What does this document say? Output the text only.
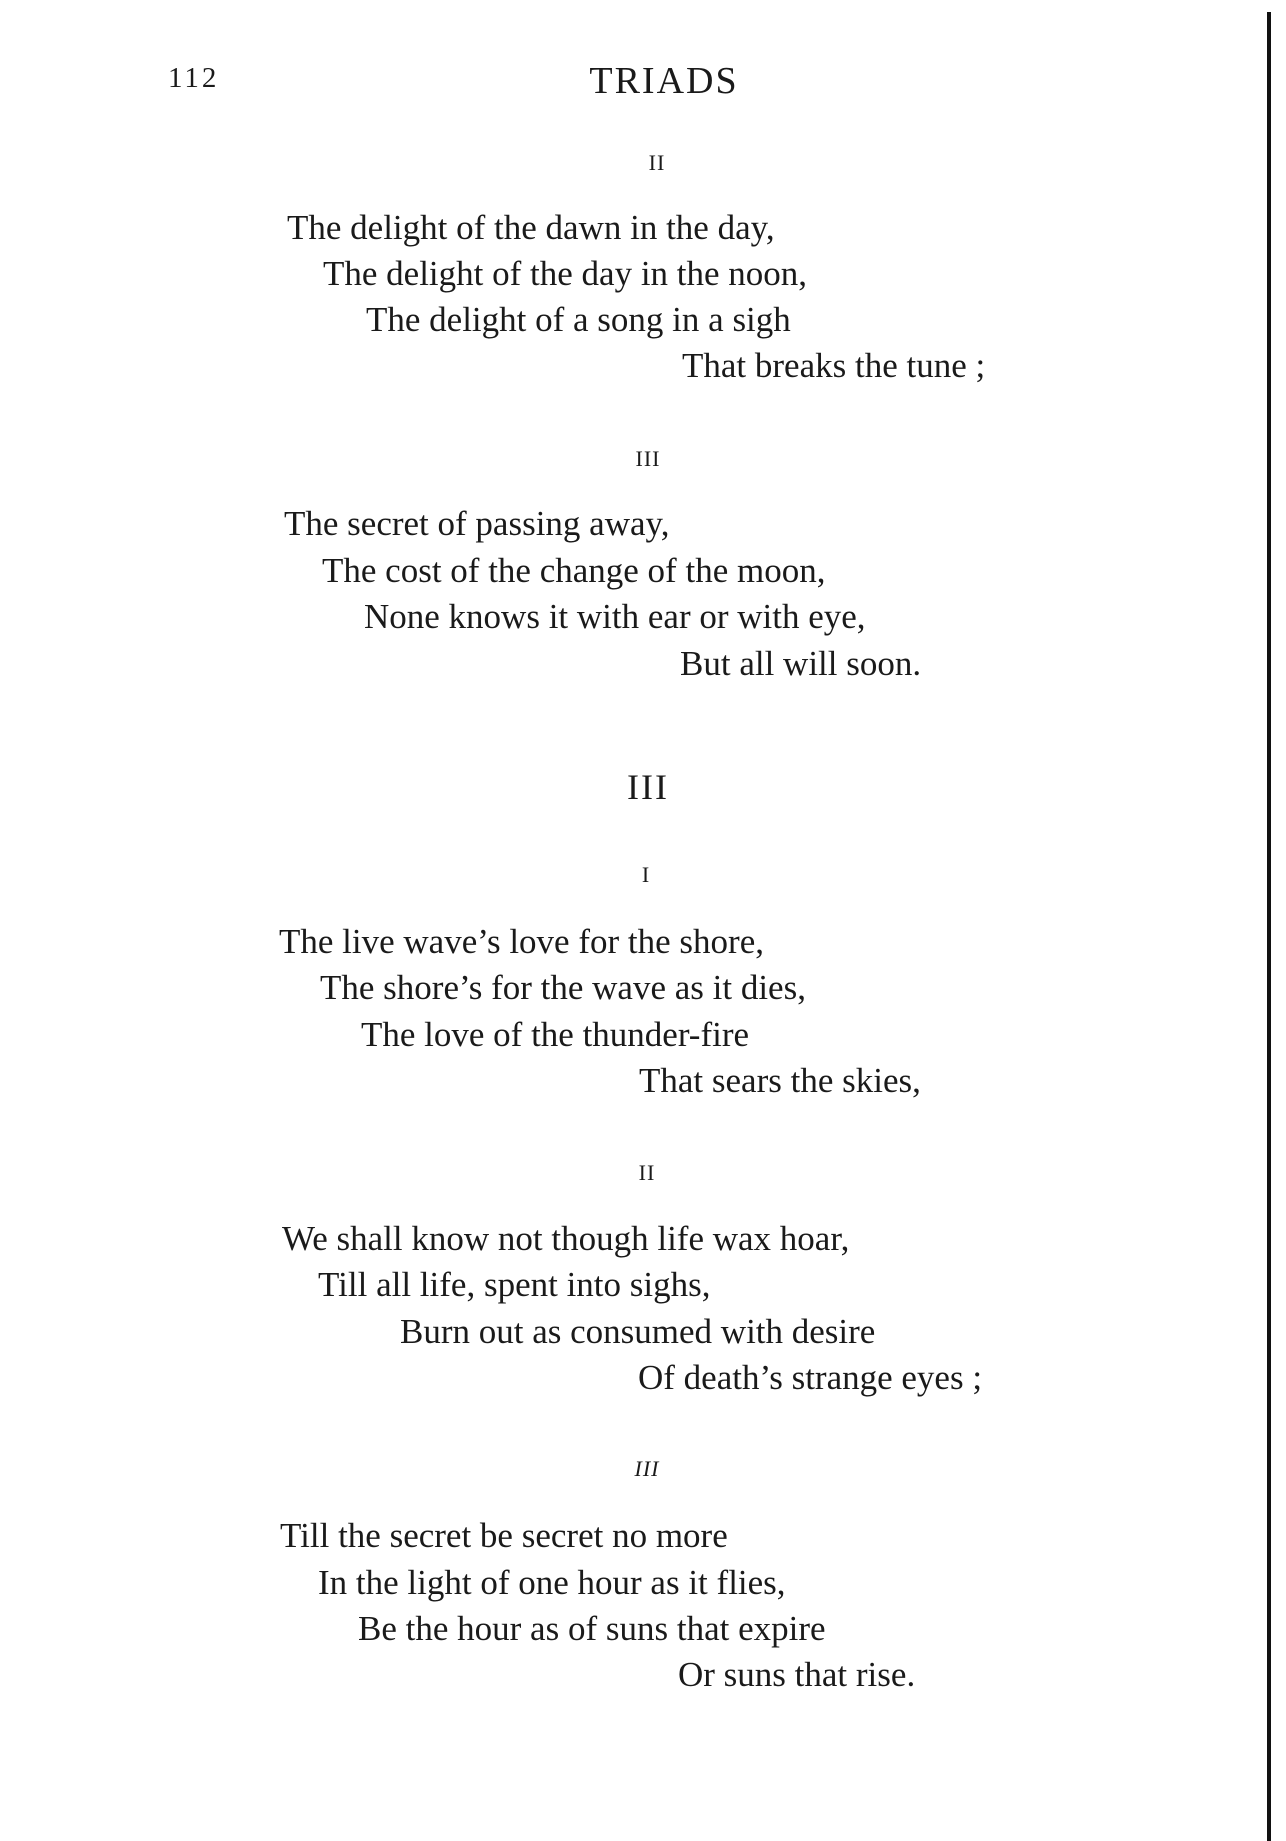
112	TRIADS
II
The delight of the dawn in the day,
The delight of the day in the noon,
The delight of a song in a sigh
That breaks the tune ;
III
The secret of passing away,
The cost of the change of the moon,
None knows it with ear or with eye,
But all will soon.
III
I
The live wave’s love for the shore,
The shore’s for the wave as it dies,
The love of the thunder-fire
That sears the skies,
II
We shall know not though life wax hoar,
Till all life, spent into sighs,
Burn out as consumed with desire
Of death’s strange eyes ;
III
Till the secret be secret no more
In the light of one hour as it flies,
Be the hour as of suns that expire
Or suns that rise.
